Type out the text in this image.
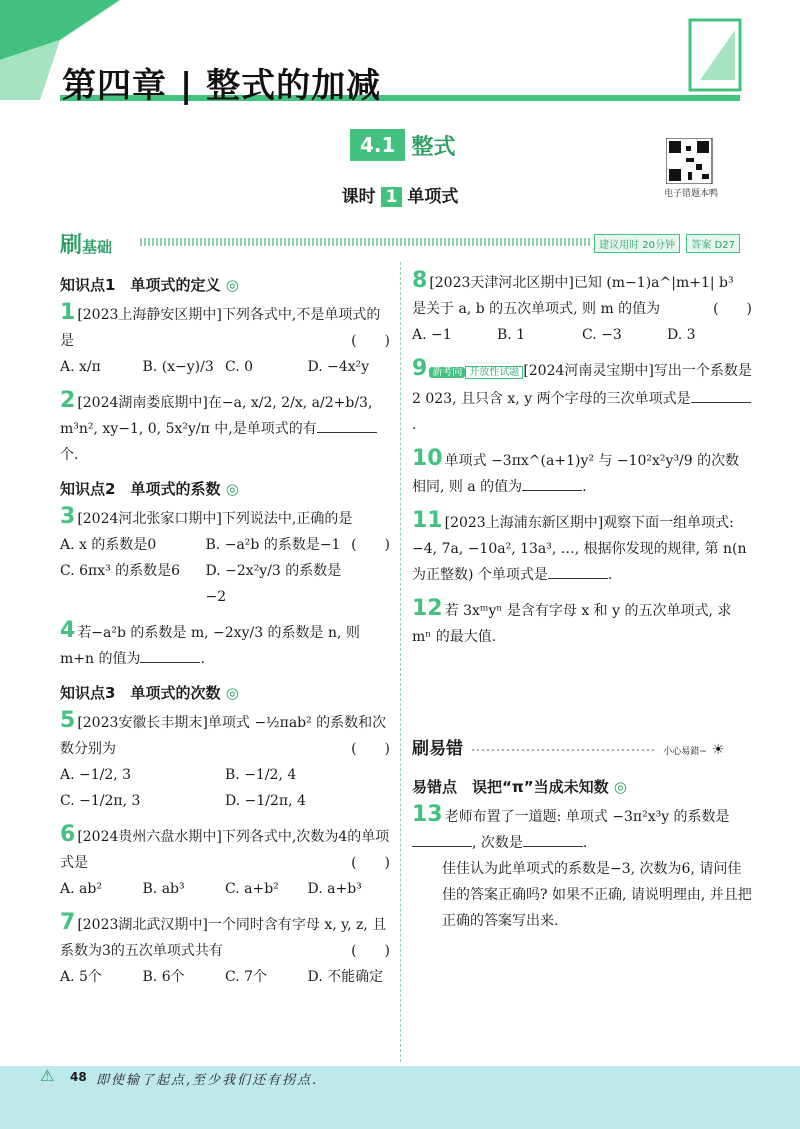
第四章 | 整式的加减
4.1 整式
电子错题本鸭
课时 1 单项式
刷基础	建议用时 20分钟	答案 D27
知识点1　单项式的定义 ◎
1 [2023上海静安区期中]下列各式中,不是单项式的是	(　　)
A. x/π	B. (x−y)/3 C. 0	D. −4x²y
2 [2024湖南娄底期中]在−a, x/2, 2/x, a/2+b/3, m³n², xy−1, 0, 5x²y/π 中,是单项式的有个.
知识点2　单项式的系数 ◎
3 [2024河北张家口期中]下列说法中,正确的是
(　　)
A. x 的系数是0	B. −a²b 的系数是−1
C. 6πx³ 的系数是6	D. −2x²y/3 的系数是−2
4 若−a²b 的系数是 m, −2xy/3 的系数是 n, 则 m+n 的值为	.
知识点3　单项式的次数 ◎
5 [2023安徽长丰期末]单项式 −½πab² 的系数和次数分别为	(　　)
A. −1/2, 3	B. −1/2, 4
C. −1/2π, 3	D. −1/2π, 4
6 [2024贵州六盘水期中]下列各式中,次数为4的单项式是	(　　)
A. ab²	B. ab³	C. a+b²	D. a+b³
7 [2023湖北武汉期中]一个同时含有字母 x, y, z, 且系数为3的五次单项式共有	(　　)
A. 5个	B. 6个	C. 7个	D. 不能确定
8 [2023天津河北区期中]已知 (m−1)a^|m+1| b³ 是关于 a, b 的五次单项式, 则 m 的值为	(　　)
A. −1	B. 1	C. −3	D. 3
9 新考向 开放性试题 [2024河南灵宝期中]写出一个系数是2 023, 且只含 x, y 两个字母的三次单项式是.
10 单项式 −3πx^(a+1)y² 与 −10²x²y³/9 的次数相同, 则 a 的值为	.
11 [2023上海浦东新区期中]观察下面一组单项式: −4, 7a, −10a², 13a³, …, 根据你发现的规律, 第 n(n 为正整数) 个单项式是	.
12 若 3xᵐyⁿ 是含有字母 x 和 y 的五次单项式, 求 mⁿ 的最大值.
刷易错	小心易錯~ ☀
易错点　误把“π”当成未知数 ◎
13 老师布置了一道题: 单项式 −3π²x³y 的系数是, 次数是	.
佳佳认为此单项式的系数是−3, 次数为6, 请问佳佳的答案正确吗? 如果不正确, 请说明理由, 并且把正确的答案写出来.
⚠ 48 即使输了起点,至少我们还有拐点.
